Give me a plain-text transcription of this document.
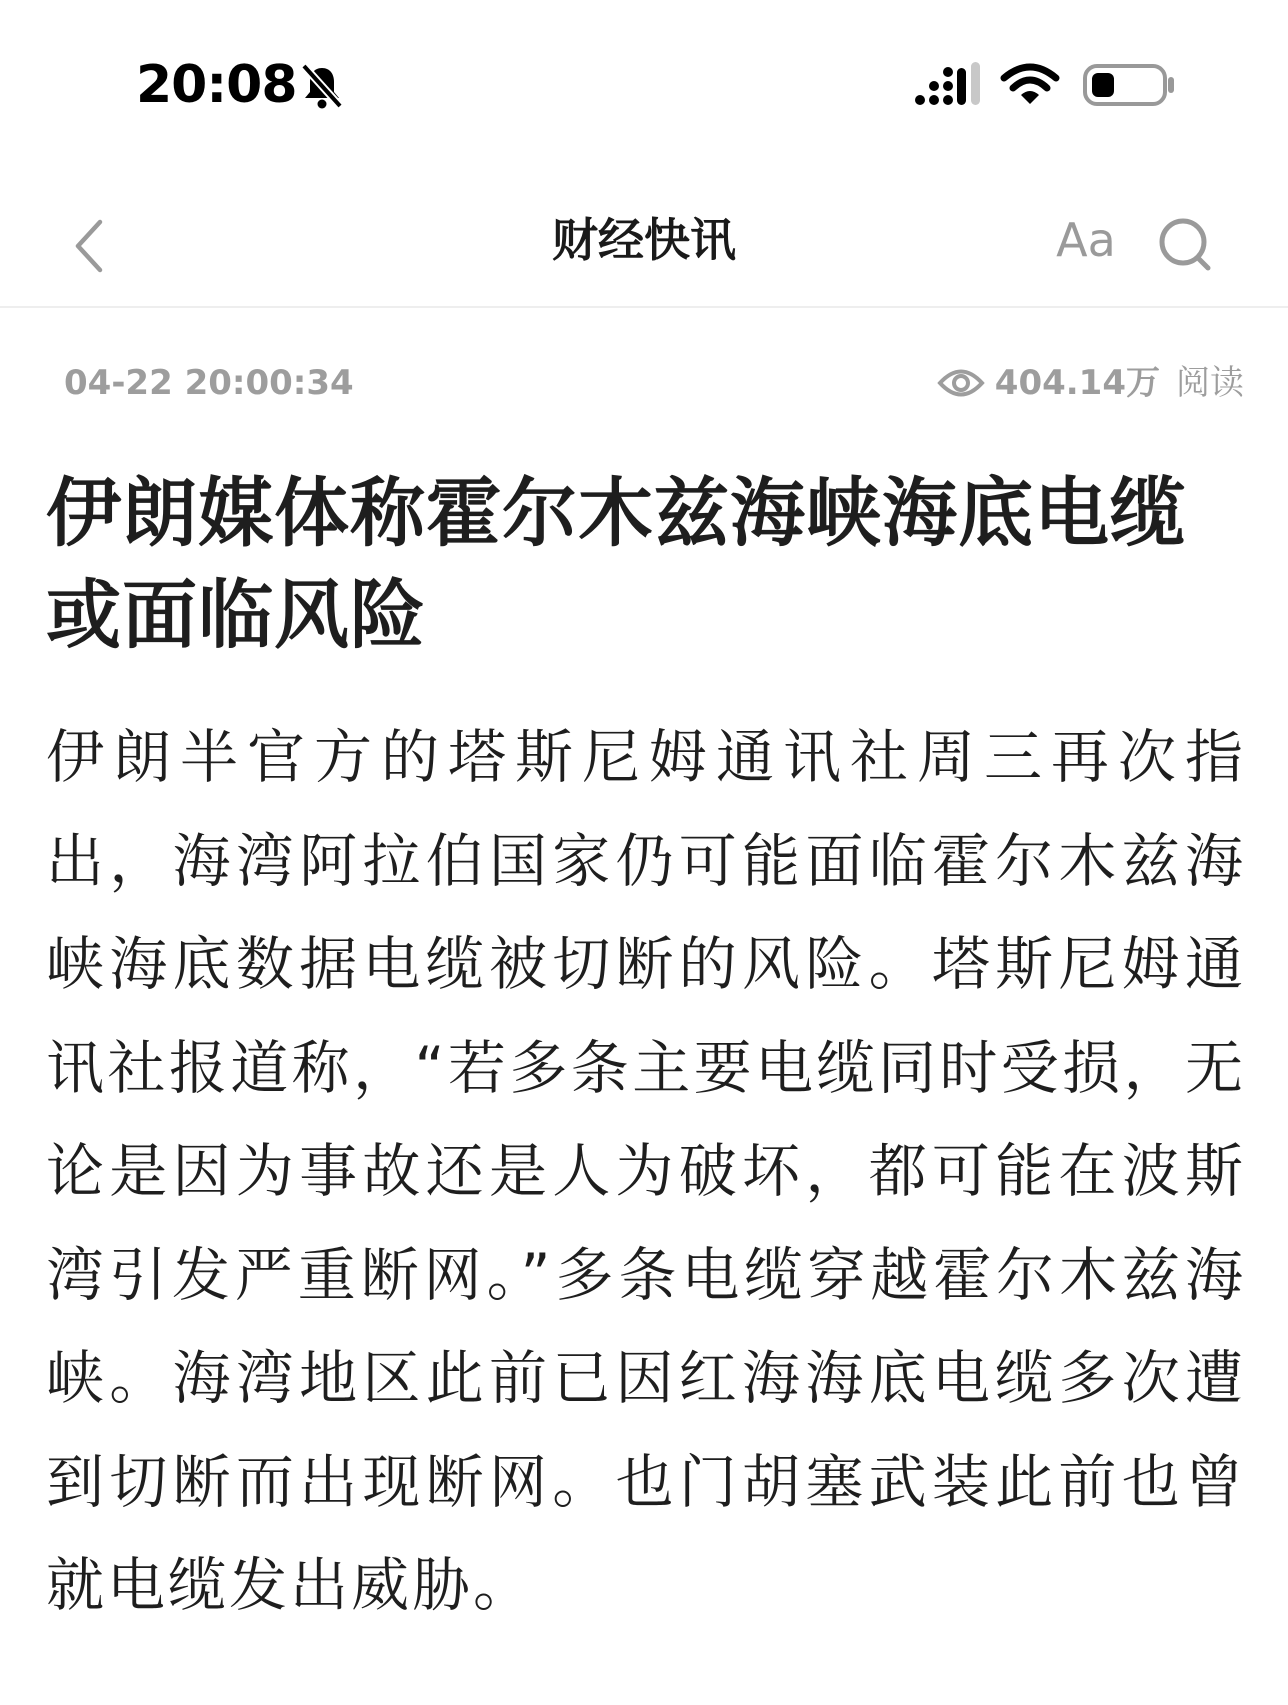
20:08
财经快讯	Aa
04-22 20:00:34	404.14万 阅读
伊朗媒体称霍尔木兹海峡海底电缆或面临风险

伊朗半官方的塔斯尼姆通讯社周三再次指出，海湾阿拉伯国家仍可能面临霍尔木兹海峡海底数据电缆被切断的风险。塔斯尼姆通讯社报道称，“若多条主要电缆同时受损，无论是因为事故还是人为破坏，都可能在波斯湾引发严重断网。”多条电缆穿越霍尔木兹海峡。海湾地区此前已因红海海底电缆多次遭到切断而出现断网。也门胡塞武装此前也曾就电缆发出威胁。
